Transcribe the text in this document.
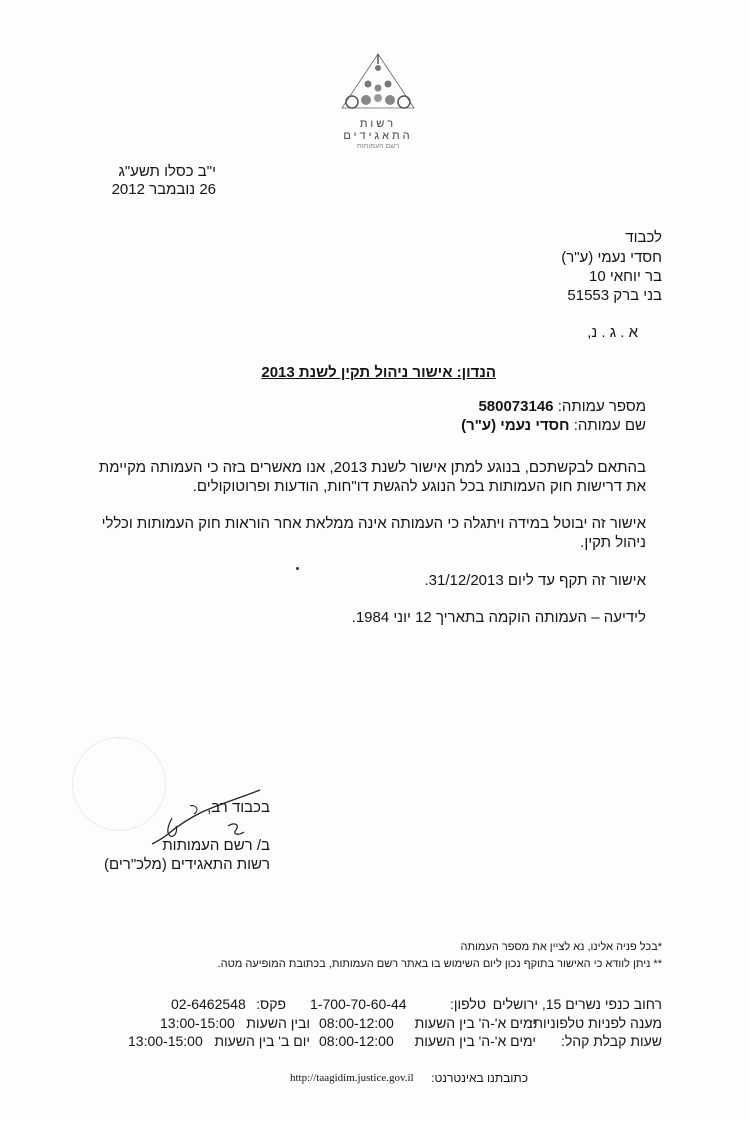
רשות
התאגידים
רשם העמותות
י"ב כסלו תשע"ג
26 נובמבר 2012
לכבוד
חסדי נעמי (ע"ר)
בר יוחאי 10
בני ברק 51553
א . ג . נ,
הנדון: אישור ניהול תקין לשנת 2013
מספר עמותה: 580073146
שם עמותה: חסדי נעמי (ע"ר)
בהתאם לבקשתכם, בנוגע למתן אישור לשנת 2013, אנו מאשרים בזה כי העמותה מקיימת
את דרישות חוק העמותות בכל הנוגע להגשת דו"חות, הודעות ופרוטוקולים.
אישור זה יבוטל במידה ויתגלה כי העמותה אינה ממלאת אחר הוראות חוק העמותות וכללי
ניהול תקין.
אישור זה תקף עד ליום 31/12/2013.
לידיעה – העמותה הוקמה בתאריך 12 יוני 1984.
בכבוד רב,
ב/ רשם העמותות
רשות התאגידים (מלכ"רים)
*בכל פניה אלינו, נא לציין את מספר העמותה
** ניתן לוודא כי האישור בתוקף נכון ליום השימוש בו באתר רשם העמותות, בכתובת המופיעה מטה.
רחוב כנפי נשרים 15, ירושלים
טלפון:
1-700-70-60-44
פקס:
02-6462548
מענה לפניות טלפוניות:
ימים א'-ה' בין השעות
08:00-12:00
ובין השעות
13:00-15:00
שעות קבלת קהל:
ימים א'-ה' בין השעות
08:00-12:00
יום ב' בין השעות
13:00-15:00
כתובתנו באינטרנט:
http://taagidim.justice.gov.il
